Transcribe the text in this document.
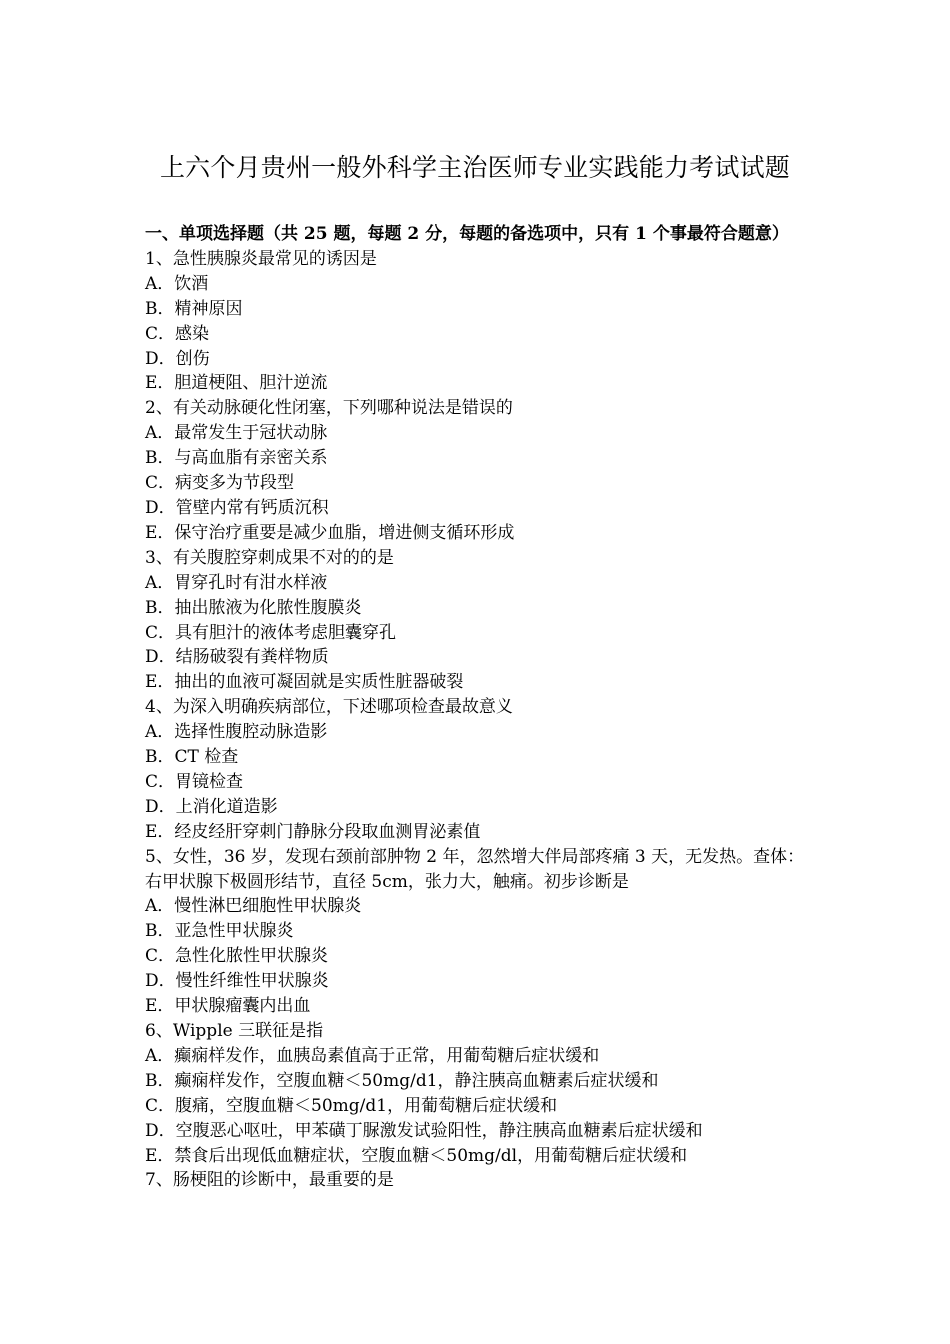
上六个月贵州一般外科学主治医师专业实践能力考试试题
一、单项选择题（共 25 题，每题 2 分，每题的备选项中，只有 1 个事最符合题意）
1、急性胰腺炎最常见的诱因是
A．饮酒
B．精神原因
C．感染
D．创伤
E．胆道梗阻、胆汁逆流
2、有关动脉硬化性闭塞，下列哪种说法是错误的
A．最常发生于冠状动脉
B．与高血脂有亲密关系
C．病变多为节段型
D．管壁内常有钙质沉积
E．保守治疗重要是减少血脂，增进侧支循环形成
3、有关腹腔穿刺成果不对的的是
A．胃穿孔时有泔水样液
B．抽出脓液为化脓性腹膜炎
C．具有胆汁的液体考虑胆囊穿孔
D．结肠破裂有粪样物质
E．抽出的血液可凝固就是实质性脏器破裂
4、为深入明确疾病部位，下述哪项检查最故意义
A．选择性腹腔动脉造影
B．CT 检查
C．胃镜检查
D．上消化道造影
E．经皮经肝穿刺门静脉分段取血测胃泌素值
5、女性，36 岁，发现右颈前部肿物 2 年，忽然增大伴局部疼痛 3 天，无发热。查体：右甲状腺下极圆形结节，直径 5cm，张力大，触痛。初步诊断是
A．慢性淋巴细胞性甲状腺炎
B．亚急性甲状腺炎
C．急性化脓性甲状腺炎
D．慢性纤维性甲状腺炎
E．甲状腺瘤囊内出血
6、Wipple 三联征是指
A．癫痫样发作，血胰岛素值高于正常，用葡萄糖后症状缓和
B．癫痫样发作，空腹血糖＜50mg/d1，静注胰高血糖素后症状缓和
C．腹痛，空腹血糖＜50mg/d1，用葡萄糖后症状缓和
D．空腹恶心呕吐，甲苯磺丁脲激发试验阳性，静注胰高血糖素后症状缓和
E．禁食后出现低血糖症状，空腹血糖＜50mg/dl，用葡萄糖后症状缓和
7、肠梗阻的诊断中，最重要的是
